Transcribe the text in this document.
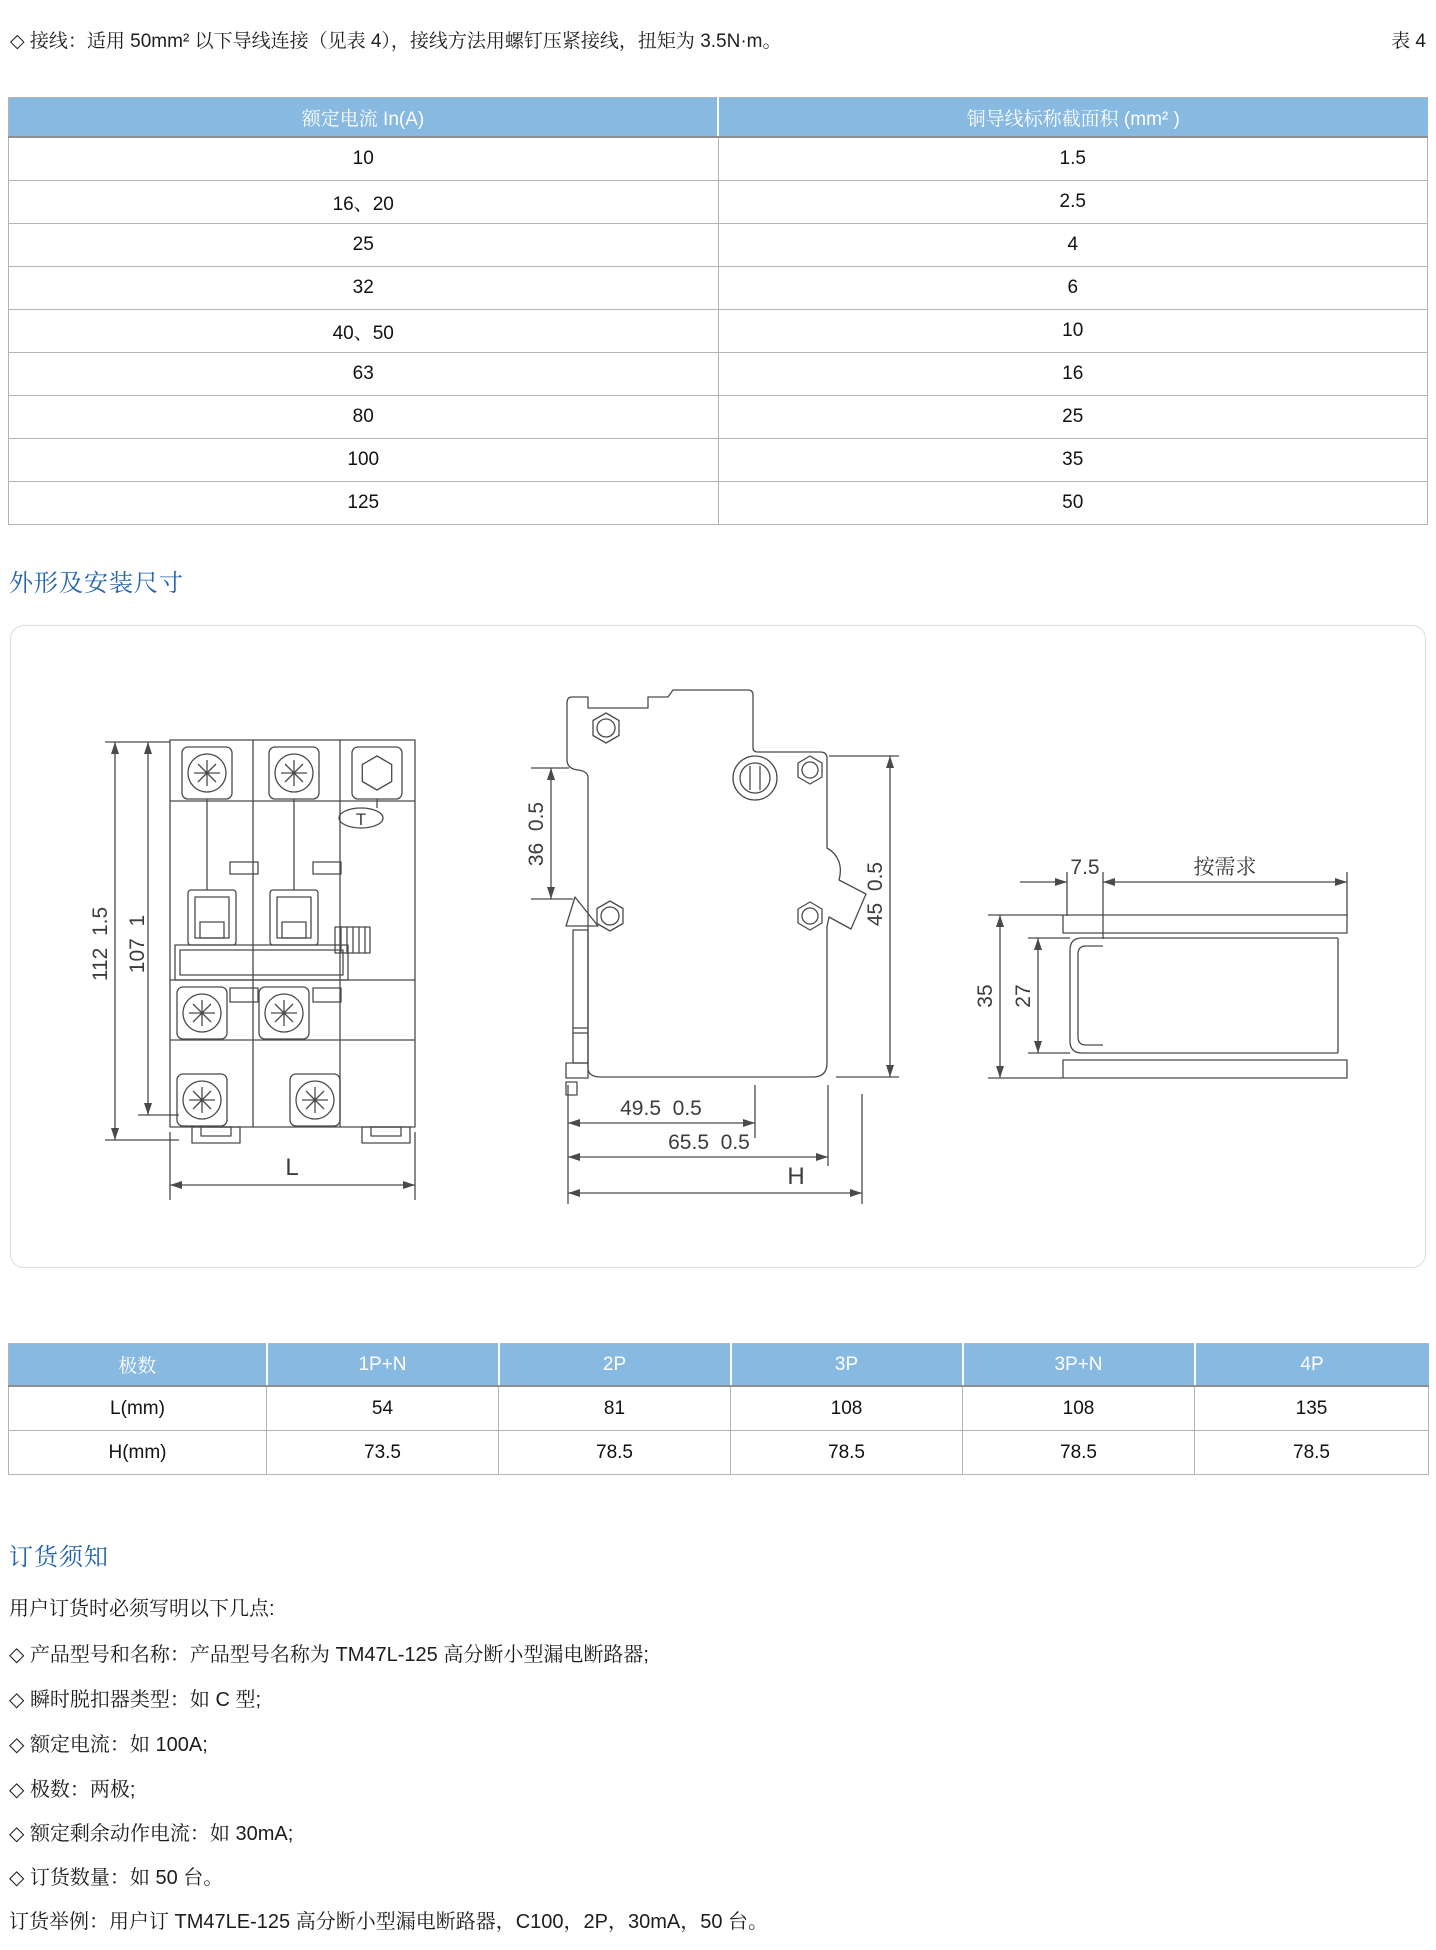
◇ 接线：适用 50mm² 以下导线连接（见表 4），接线方法用螺钉压紧接线，扭矩为 3.5N·m。	表 4
额定电流 In(A)	铜导线标称截面积 (mm² )
10	1.5
16、20	2.5
25	4
32	6
40、50	10
63	16
80	25
100	35
125	50
外形及安装尺寸
112  1.5 107  1
T
L
36  0.5
45  0.5
49.5  0.5
65.5  0.5
H
7.5	按需求
35 27
极数	1P+N	2P	3P	3P+N	4P
L(mm)	54	81	108	108	135
H(mm)	73.5	78.5	78.5	78.5	78.5
订货须知
用户订货时必须写明以下几点:
◇ 产品型号和名称：产品型号名称为 TM47L-125 高分断小型漏电断路器;
◇ 瞬时脱扣器类型：如 C 型;
◇ 额定电流：如 100A;
◇ 极数：两极;
◇ 额定剩余动作电流：如 30mA;
◇ 订货数量：如 50 台。
订货举例：用户订 TM47LE-125 高分断小型漏电断路器，C100，2P，30mA，50 台。
